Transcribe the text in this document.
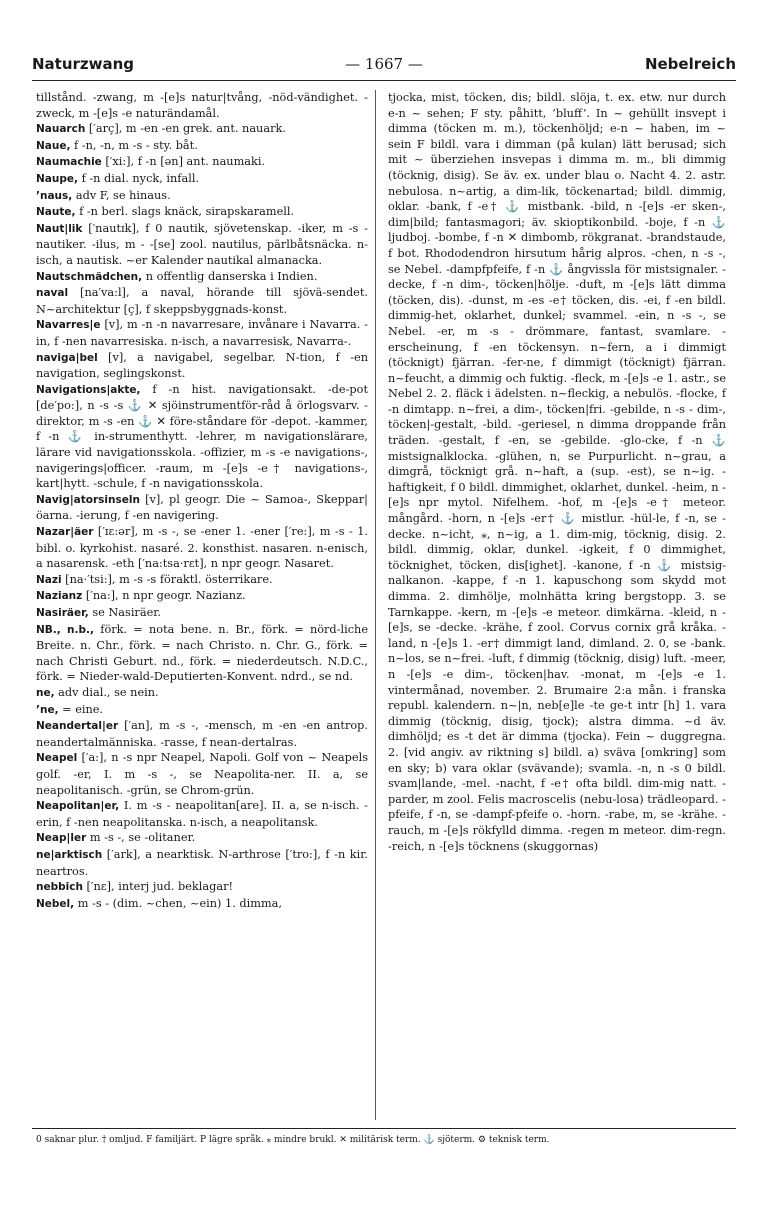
Naturzwang	— 1667 —	Nebelreich

tillstånd. -zwang, m -[e]s natur|tvång, -nöd-vändighet. -zweck, m -[e]s -e naturändamål.

Nauarch [′arç], m -en -en grek. ant. nauark.

Naue, f -n, -n, m -s - sty. båt.

Naumachie [′xi:], f -n [ən] ant. naumaki.

Naupe, f -n dial. nyck, infall.

’naus, adv F, se hinaus.

Naute, f -n berl. slags knäck, sirapskaramell.

Naut|lik [′nautɪk], f 0 nautik, sjövetenskap. -iker, m -s - nautiker. -ilus, m - -[se] zool. nautilus, pärlbåtsnäcka. n-isch, a nautisk. ~er Kalender nautikal almanacka.

Nautschmädchen, n offentlig danserska i Indien.

naval [na′va:l], a naval, hörande till sjövä-sendet. N~architektur [ç], f skeppsbyggnads-konst.

Navarres|e [v], m -n -n navarresare, invånare i Navarra. -in, f -nen navarresiska. n-isch, a navarresisk, Navarra-.

naviga|bel [v], a navigabel, segelbar. N-tion, f -en navigation, seglingskonst.

Navigations|akte, f -n hist. navigationsakt. -de-pot [de′po:], n -s -s ⚓ ✕ sjöinstrumentför-råd å örlogsvarv. -direktor, m -s -en ⚓ ✕ före-ståndare för -depot. -kammer, f -n ⚓ in-strumenthytt. -lehrer, m navigationslärare, lärare vid navigationsskola. -offizier, m -s -e navigations-, navigerings|officer. -raum, m -[e]s -e† navigations-, kart|hytt. -schule, f -n navigationsskola.

Navig|atorsinseln [v], pl geogr. Die ~ Samoa-, Skeppar|öarna. -ierung, f -en navigering.

Nazar|äer [′ɪɛ:ər], m -s -, se -ener 1. -ener [′re:], m -s - 1. bibl. o. kyrkohist. nasaré. 2. konsthist. nasaren. n-enisch, a nasarensk. -eth [′na:tsa·rɛt], n npr geogr. Nasaret.

Nazi [na·′tsi:], m -s -s föraktl. österrikare.

Nazianz [′na:], n npr geogr. Nazianz.

Nasiräer, se Nasiräer.

NB., n.b., förk. = nota bene. n. Br., förk. = nörd-liche Breite. n. Chr., förk. = nach Christo. n. Chr. G., förk. = nach Christi Geburt. nd., förk. = niederdeutsch. N.D.C., förk. = Nieder-wald-Deputierten-Konvent. ndrd., se nd.

ne, adv dial., se nein.

’ne, = eine.

Neandertal|er [′an], m -s -, -mensch, m -en -en antrop. neandertalmänniska. -rasse, f nean-dertalras.

Neapel [′a:], n -s npr Neapel, Napoli. Golf von ~ Neapels golf. -er, I. m -s -, se Neapolita-ner. II. a, se neapolitanisch. -grün, se Chrom-grün.

Neapolitan|er, I. m -s - neapolitan[are]. II. a, se n-isch. -erin, f -nen neapolitanska. n-isch, a neapolitansk.

Neap|ler m -s -, se -olitaner.

ne|arktisch [′ark], a nearktisk. N-arthrose [′tro:], f -n kir. neartros.

nebbich [′nɛ], interj jud. beklagar!

Nebel, m -s - (dim. ~chen, ~ein) 1. dimma,

tjocka, mist, töcken, dis; bildl. slöja, t. ex. etw. nur durch e-n ~ sehen; F sty. påhitt, ’bluff’. In ~ gehüllt insvept i dimma (töcken m. m.), töckenhöljd; e-n ~ haben, im ~ sein F bildl. vara i dimman (på kulan) lätt berusad; sich mit ~ überziehen insvepas i dimma m. m., bli dimmig (töcknig, disig). Se äv. ex. under blau o. Nacht 4. 2. astr. nebulosa. n~artig, a dim-lik, töckenartad; bildl. dimmig, oklar. -bank, f -e† ⚓ mistbank. -bild, n -[e]s -er sken-, dim|bild; fantasmagori; äv. skioptikonbild. -boje, f -n ⚓ ljudboj. -bombe, f -n ✕ dimbomb, rökgranat. -brandstaude, f bot. Rhododendron hirsutum hårig alpros. -chen, n -s -, se Nebel. -dampfpfeife, f -n ⚓ ångvissla för mistsignaler. -decke, f -n dim-, töcken|hölje. -duft, m -[e]s lätt dimma (töcken, dis). -dunst, m -es -e† töcken, dis. -ei, f -en bildl. dimmig-het, oklarhet, dunkel; svammel. -ein, n -s -, se Nebel. -er, m -s - drömmare, fantast, svamlare. -erscheinung, f -en töckensyn. n~fern, a i dimmigt (töcknigt) fjärran. -fer-ne, f dimmigt (töcknigt) fjärran. n~feucht, a dimmig och fuktig. -fleck, m -[e]s -e 1. astr., se Nebel 2. 2. fläck i ädelsten. n~fleckig, a nebulös. -flocke, f -n dimtapp. n~frei, a dim-, töcken|fri. -gebilde, n -s - dim-, töcken|-gestalt, -bild. -geriesel, n dimma droppande från träden. -gestalt, f -en, se -gebilde. -glo-cke, f -n ⚓ mistsignalklocka. -glühen, n, se Purpurlicht. n~grau, a dimgrå, töcknigt grå. n~haft, a (sup. -est), se n~ig. -haftigkeit, f 0 bildl. dimmighet, oklarhet, dunkel. -heim, n -[e]s npr mytol. Nifelhem. -hof, m -[e]s -e† meteor. mångård. -horn, n -[e]s -er† ⚓ mistlur. -hül-le, f -n, se -decke. n~icht, ⁎, n~ig, a 1. dim-mig, töcknig, disig. 2. bildl. dimmig, oklar, dunkel. -igkeit, f 0 dimmighet, töcknighet, töcken, dis[ighet]. -kanone, f -n ⚓ mistsig-nalkanon. -kappe, f -n 1. kapuschong som skydd mot dimma. 2. dimhölje, molnhätta kring bergstopp. 3. se Tarnkappe. -kern, m -[e]s -e meteor. dimkärna. -kleid, n -[e]s, se -decke. -krähe, f zool. Corvus cornix grå kråka. -land, n -[e]s 1. -er† dimmigt land, dimland. 2. 0, se -bank. n~los, se n~frei. -luft, f dimmig (töcknig, disig) luft. -meer, n -[e]s -e dim-, töcken|hav. -monat, m -[e]s -e 1. vintermånad, november. 2. Brumaire 2:a mån. i franska republ. kalendern. n~|n, neb[e]le -te ge-t intr [h] 1. vara dimmig (töcknig, disig, tjock); alstra dimma. ~d äv. dimhöljd; es -t det är dimma (tjocka). Fein ~ duggregna. 2. [vid angiv. av riktning s] bildl. a) sväva [omkring] som en sky; b) vara oklar (svävande); svamla. -n, n -s 0 bildl. svam|lande, -mel. -nacht, f -e† ofta bildl. dim-mig natt. -parder, m zool. Felis macroscelis (nebu-losa) trädleopard. -pfeife, f -n, se -dampf-pfeife o. -horn. -rabe, m, se -krähe. -rauch, m -[e]s rökfylld dimma. -regen m meteor. dim-regn. -reich, n -[e]s töcknens (skuggornas)

0 saknar plur. † omljud. F familjärt. P lägre språk. ⁎ mindre brukl. ✕ militärisk term. ⚓ sjöterm. ⚙ teknisk term.
